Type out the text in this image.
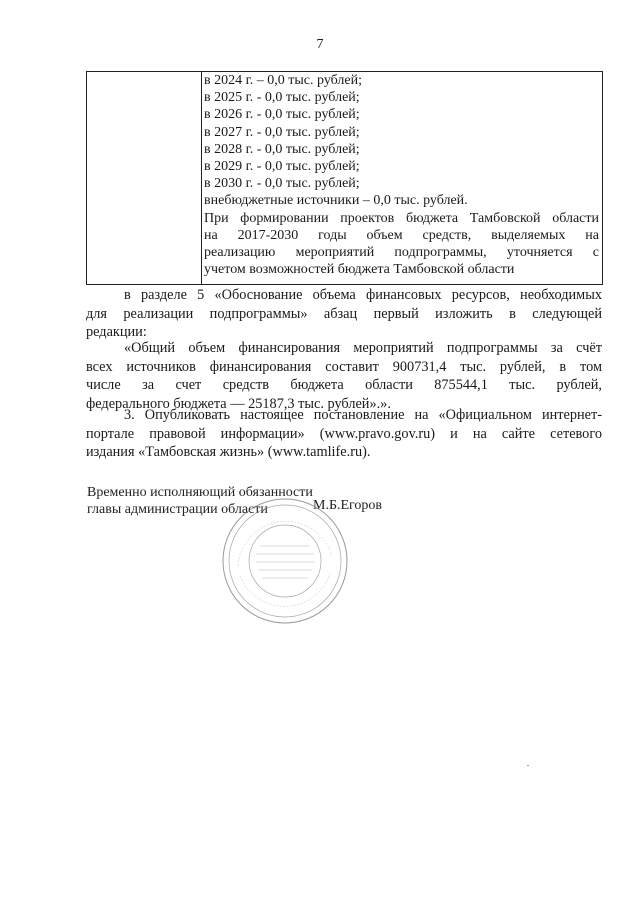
7
в 2024 г. – 0,0 тыс. рублей;
в 2025 г. - 0,0 тыс. рублей;
в 2026 г. - 0,0 тыс. рублей;
в 2027 г. - 0,0 тыс. рублей;
в 2028 г. - 0,0 тыс. рублей;
в 2029 г. - 0,0 тыс. рублей;
в 2030 г. - 0,0 тыс. рублей;
внебюджетные источники – 0,0 тыс. рублей.
При формировании проектов бюджета Тамбовской области
на 2017-2030 годы объем средств, выделяемых на
реализацию мероприятий подпрограммы, уточняется с
учетом возможностей бюджета Тамбовской области
в разделе 5 «Обоснование объема финансовых ресурсов, необходимых
для реализации подпрограммы» абзац первый изложить в следующей
редакции:
«Общий объем финансирования мероприятий подпрограммы за счёт
всех источников финансирования составит 900731,4 тыс. рублей, в том
числе за счет средств бюджета области 875544,1 тыс. рублей,
федерального бюджета — 25187,3 тыс. рублей».».
3. Опубликовать настоящее постановление на «Официальном интернет-
портале правовой информации» (www.pravo.gov.ru) и на сайте сетевого
издания «Тамбовская жизнь» (www.tamlife.ru).
Временно исполняющий обязанности
главы администрации области	М.Б.Егоров
